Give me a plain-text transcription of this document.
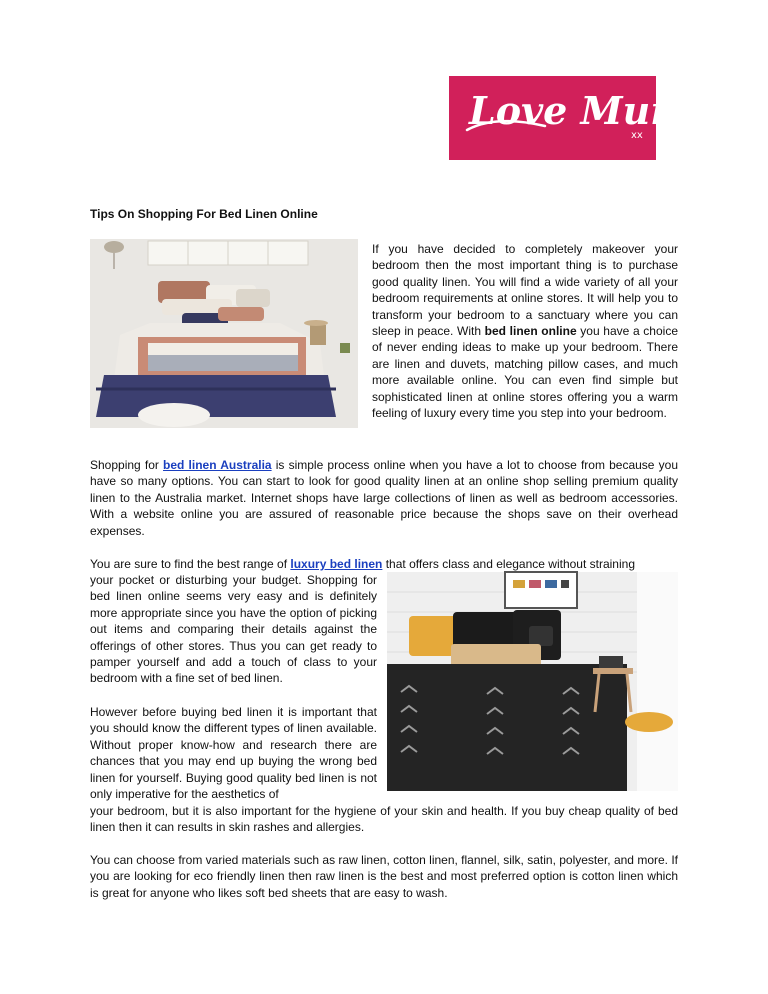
Love Mum
xx
Tips On Shopping For Bed Linen Online

If you have decided to completely makeover your bedroom then the most important thing is to purchase good quality linen. You will find a wide variety of all your bedroom requirements at online stores. It will help you to transform your bedroom to a sanctuary where you can sleep in peace. With bed linen online you have a choice of never ending ideas to make up your bedroom. There are linen and duvets, matching pillow cases, and much more available online. You can even find simple but sophisticated linen at online stores offering you a warm feeling of luxury every time you step into your bedroom.

Shopping for bed linen Australia is simple process online when you have a lot to choose from because you have so many options. You can start to look for good quality linen at an online shop selling premium quality linen to the Australia market. Internet shops have large collections of linen as well as bedroom accessories. With a website online you are assured of reasonable price because the shops save on their overhead expenses.

You are sure to find the best range of luxury bed linen that offers class and elegance without straining

your pocket or disturbing your budget. Shopping for bed linen online seems very easy and is definitely more appropriate since you have the option of picking out items and comparing their details against the offerings of other stores. Thus you can get ready to pamper yourself and add a touch of class to your bedroom with a fine set of bed linen.

However before buying bed linen it is important that you should know the different types of linen available. Without proper know-how and research there are chances that you may end up buying the wrong bed linen for yourself. Buying good quality bed linen is not only imperative for the aesthetics of

your bedroom, but it is also important for the hygiene of your skin and health. If you buy cheap quality of bed linen then it can results in skin rashes and allergies.

You can choose from varied materials such as raw linen, cotton linen, flannel, silk, satin, polyester, and more. If you are looking for eco friendly linen then raw linen is the best and most preferred option is cotton linen which is great for anyone who likes soft bed sheets that are easy to wash.
